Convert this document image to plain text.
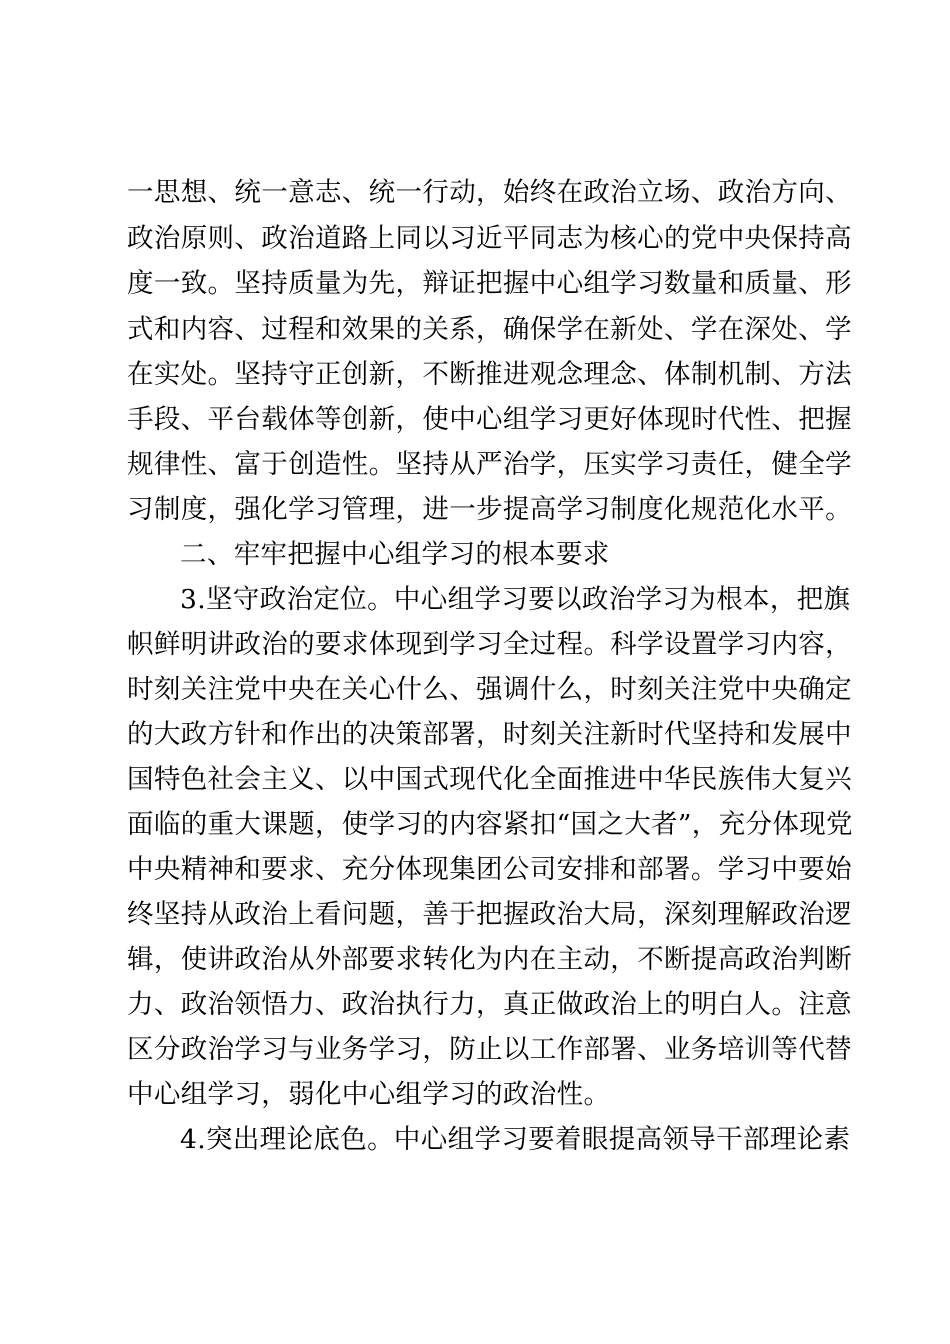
一思想、统一意志、统一行动，始终在政治立场、政治方向、
政治原则、政治道路上同以习近平同志为核心的党中央保持高
度一致。坚持质量为先，辩证把握中心组学习数量和质量、形
式和内容、过程和效果的关系，确保学在新处、学在深处、学
在实处。坚持守正创新，不断推进观念理念、体制机制、方法
手段、平台载体等创新，使中心组学习更好体现时代性、把握
规律性、富于创造性。坚持从严治学，压实学习责任，健全学
习制度，强化学习管理，进一步提高学习制度化规范化水平。
二、牢牢把握中心组学习的根本要求
3.坚守政治定位。中心组学习要以政治学习为根本，把旗
帜鲜明讲政治的要求体现到学习全过程。科学设置学习内容，
时刻关注党中央在关心什么、强调什么，时刻关注党中央确定
的大政方针和作出的决策部署，时刻关注新时代坚持和发展中
国特色社会主义、以中国式现代化全面推进中华民族伟大复兴
面临的重大课题，使学习的内容紧扣“国之大者”，充分体现党
中央精神和要求、充分体现集团公司安排和部署。学习中要始
终坚持从政治上看问题，善于把握政治大局，深刻理解政治逻
辑，使讲政治从外部要求转化为内在主动，不断提高政治判断
力、政治领悟力、政治执行力，真正做政治上的明白人。注意
区分政治学习与业务学习，防止以工作部署、业务培训等代替
中心组学习，弱化中心组学习的政治性。
4.突出理论底色。中心组学习要着眼提高领导干部理论素
